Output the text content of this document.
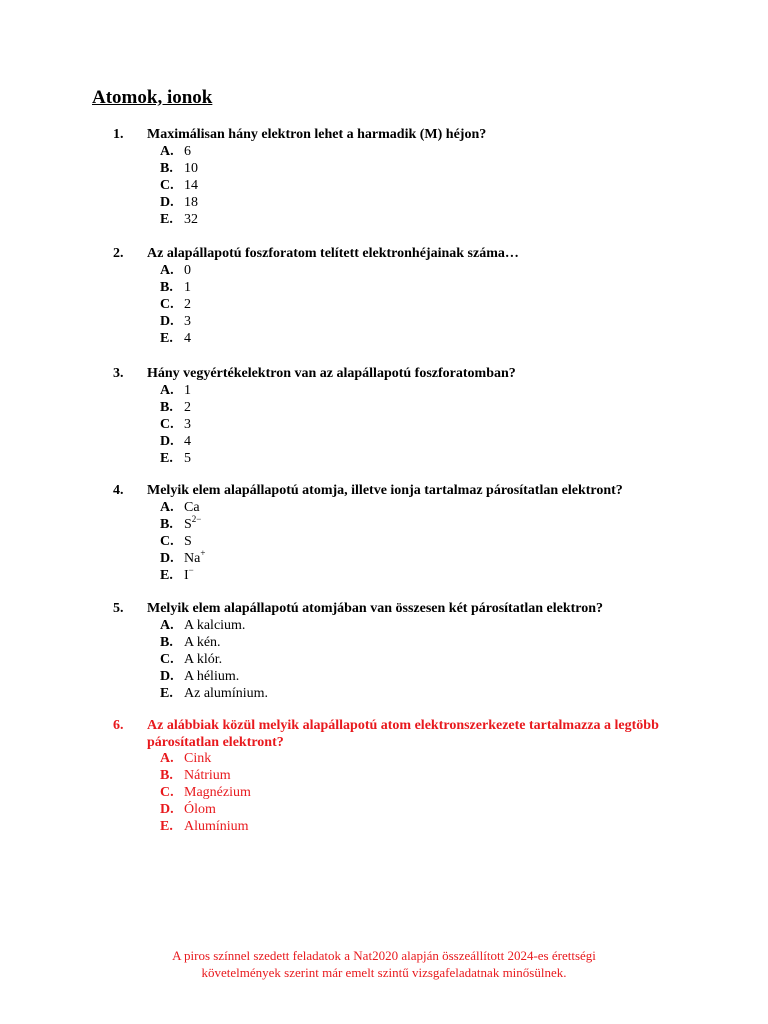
Atomok, ionok
1. Maximálisan hány elektron lehet a harmadik (M) héjon?
A. 6
B. 10
C. 14
D. 18
E. 32
2. Az alapállapotú foszforatom telített elektronhéjainak száma…
A. 0
B. 1
C. 2
D. 3
E. 4
3. Hány vegyértékelektron van az alapállapotú foszforatomban?
A. 1
B. 2
C. 3
D. 4
E. 5
4. Melyik elem alapállapotú atomja, illetve ionja tartalmaz párosítatlan elektront?
A. Ca
B. $S^{2-}$
C. S
D. Na+
E. I−
5. Melyik elem alapállapotú atomjában van összesen két párosítatlan elektron?
A. A kalcium.
B. A kén.
C. A klór.
D. A hélium.
E. Az alumínium.
6. Az alábbiak közül melyik alapállapotú atom elektronszerkezete tartalmazza a legtöbb párosítatlan elektront?
A. Cink
B. Nátrium
C. Magnézium
D. Ólom
E. Alumínium
A piros színnel szedett feladatok a Nat2020 alapján összeállított 2024-es érettségi
követelmények szerint már emelt szintű vizsgafeladatnak minősülnek.
